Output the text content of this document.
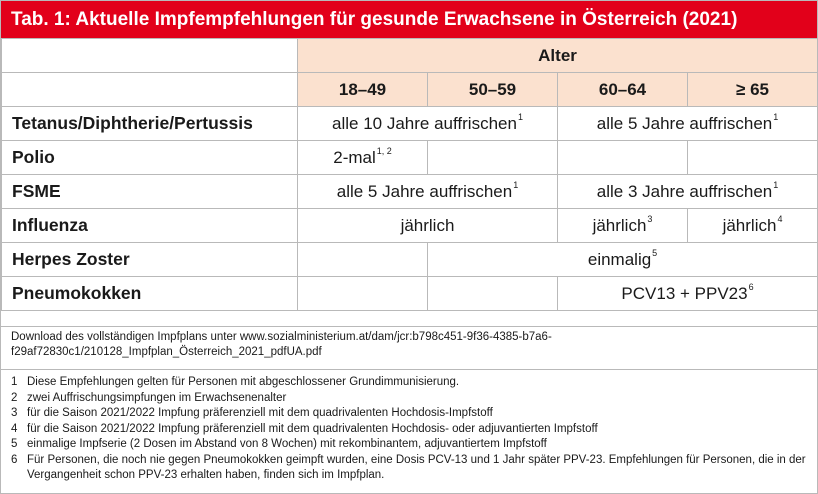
Tab. 1: Aktuelle Impfempfehlungen für gesunde Erwachsene in Österreich (2021)
	Alter			
	18–49	50–59	60–64	≥ 65
Tetanus/Diphtherie/Pertussis	alle 10 Jahre auffrischen$^1$		alle 5 Jahre auffrischen$^1$
Polio	2-mal$^{1, 2}$			
FSME	alle 5 Jahre auffrischen$^1$		alle 3 Jahre auffrischen$^1$
Influenza	jährlich		jährlich$^3$	jährlich$^4$
Herpes Zoster		einmalig$^5$
Pneumokokken			$PCV13 + PPV23^6$
Download des vollständigen Impfplans unter www.sozialministerium.at/dam/jcr:b798c451-9f36-4385-b7a6-f29af72830c1/210128_Impfplan_Österreich_2021_pdfUA.pdf
1 Diese Empfehlungen gelten für Personen mit abgeschlossener Grundimmunisierung.
2 zwei Auffrischungsimpfungen im Erwachsenenalter
3 für die Saison 2021/2022 Impfung präferenziell mit dem quadrivalenten Hochdosis-Impfstoff
4 für die Saison 2021/2022 Impfung präferenziell mit dem quadrivalenten Hochdosis- oder adjuvantierten Impfstoff
5 einmalige Impfserie (2 Dosen im Abstand von 8 Wochen) mit rekombinantem, adjuvantiertem Impfstoff
6 Für Personen, die noch nie gegen Pneumokokken geimpft wurden, eine Dosis PCV-13 und 1 Jahr später PPV-23. Empfehlungen für Personen, die in der Vergangenheit schon PPV-23 erhalten haben, finden sich im Impfplan.
